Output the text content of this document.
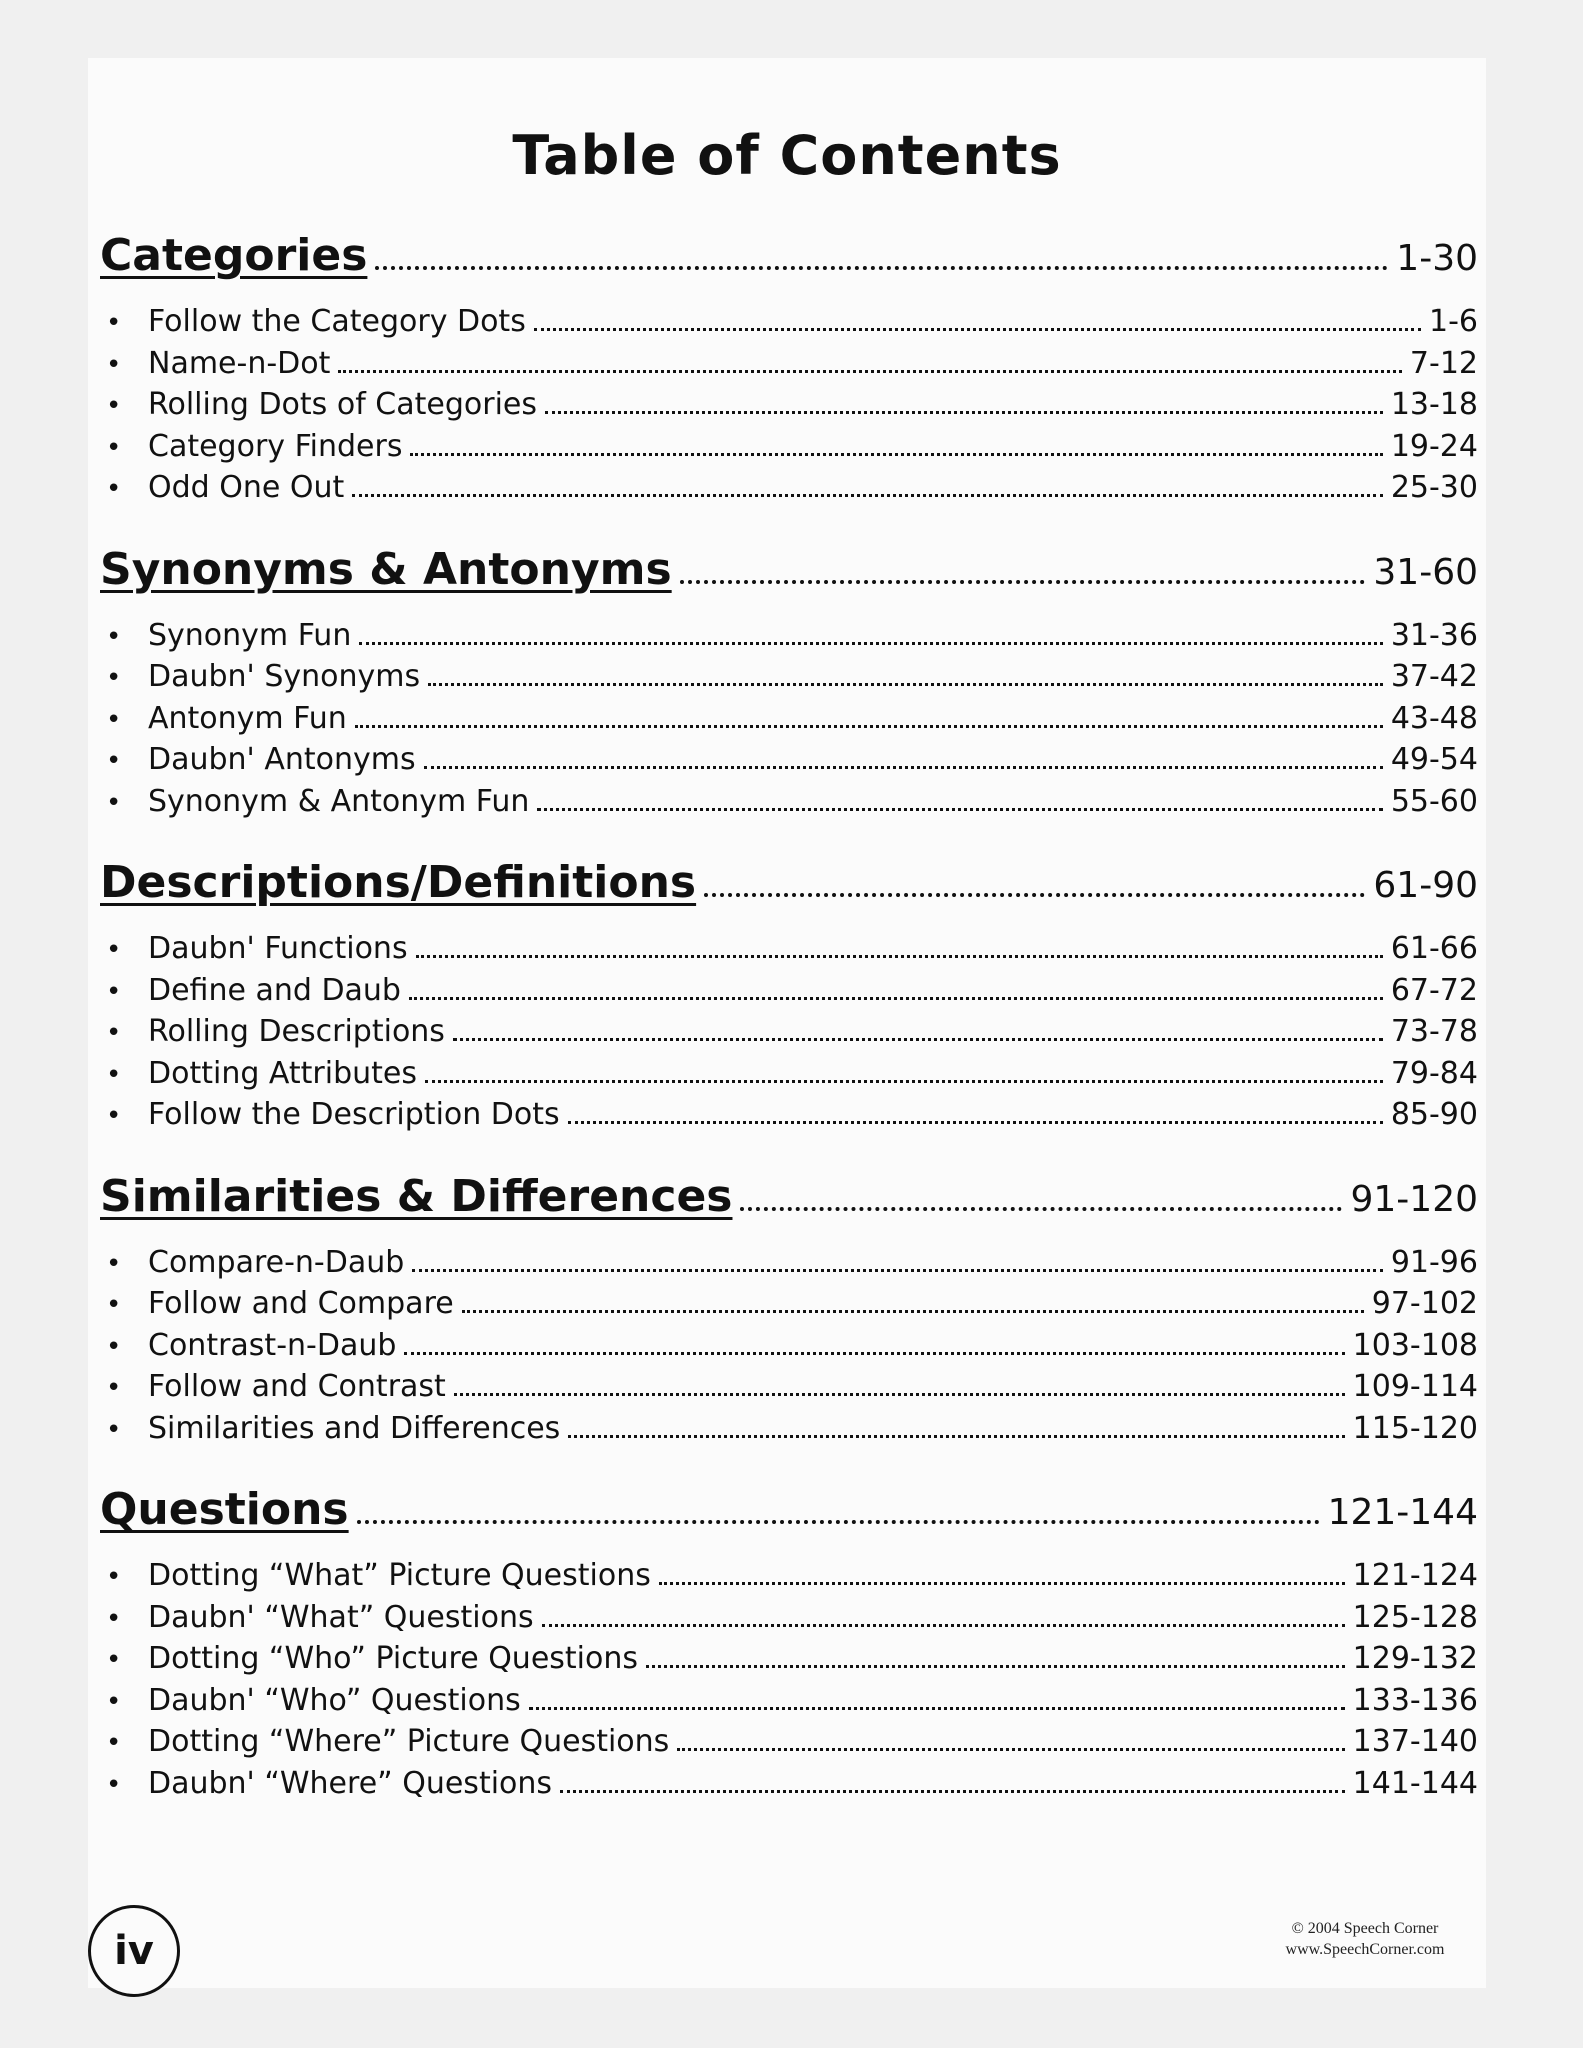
Table of Contents
Categories	1-30
• Follow the Category Dots	1-6
• Name-n-Dot	7-12
• Rolling Dots of Categories	13-18
• Category Finders	19-24
• Odd One Out	25-30
Synonyms & Antonyms	31-60
• Synonym Fun	31-36
• Daubn' Synonyms	37-42
• Antonym Fun	43-48
• Daubn' Antonyms	49-54
• Synonym & Antonym Fun	55-60
Descriptions/Definitions	61-90
• Daubn' Functions	61-66
• Define and Daub	67-72
• Rolling Descriptions	73-78
• Dotting Attributes	79-84
• Follow the Description Dots	85-90
Similarities & Differences	91-120
• Compare-n-Daub	91-96
• Follow and Compare	97-102
• Contrast-n-Daub	103-108
• Follow and Contrast	109-114
• Similarities and Differences	115-120
Questions	121-144
• Dotting “What” Picture Questions	121-124
• Daubn' “What” Questions	125-128
• Dotting “Who” Picture Questions	129-132
• Daubn' “Who” Questions	133-136
• Dotting “Where” Picture Questions	137-140
• Daubn' “Where” Questions	141-144
iv	© 2004 Speech Corner
www.SpeechCorner.com
